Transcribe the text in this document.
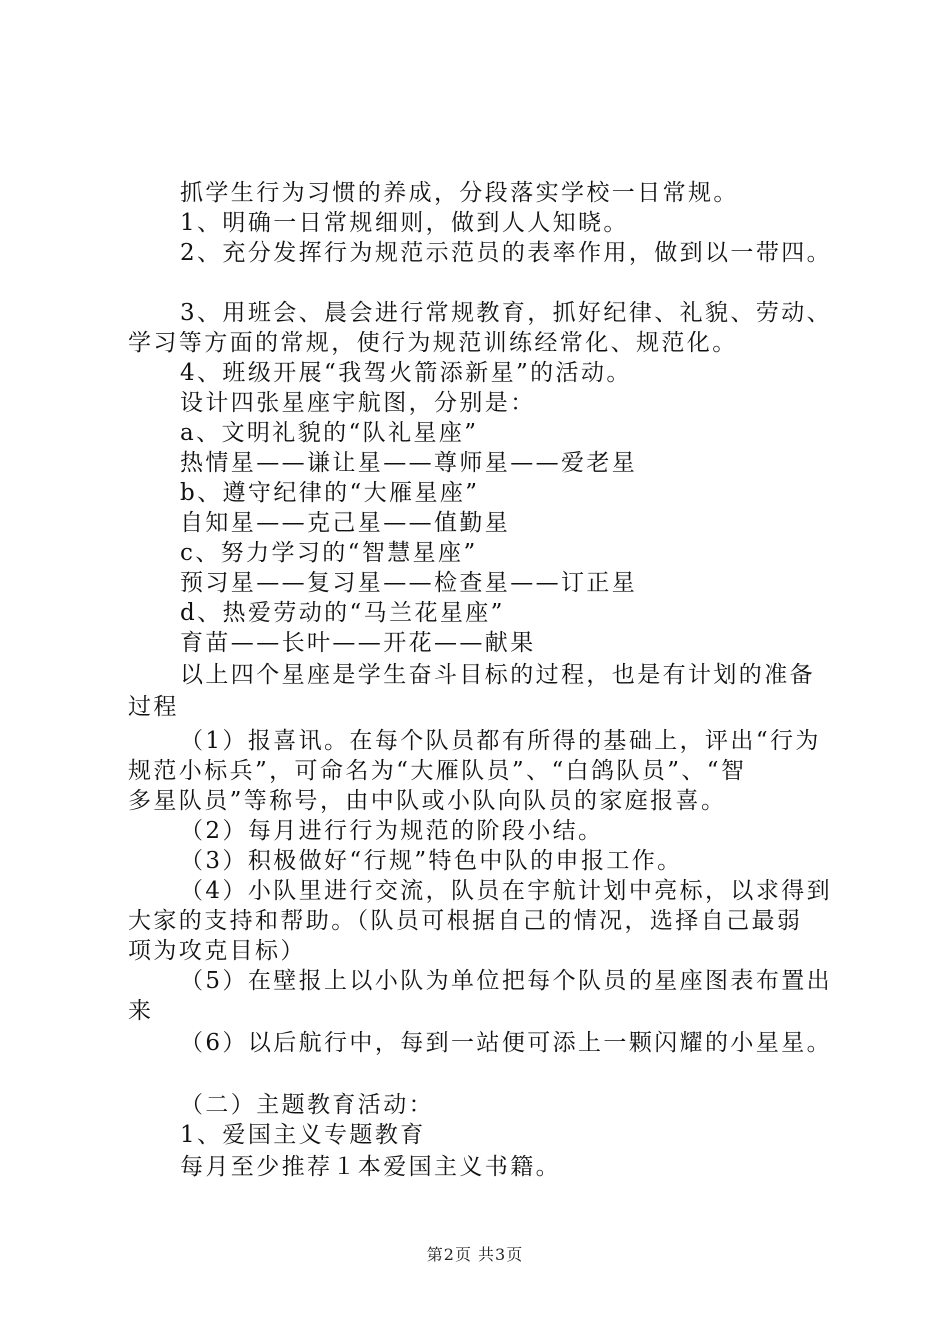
抓学生行为习惯的养成，分段落实学校一日常规。

1、明确一日常规细则，做到人人知晓。

2、充分发挥行为规范示范员的表率作用，做到以一带四。

3、用班会、晨会进行常规教育，抓好纪律、礼貌、劳动、

学习等方面的常规，使行为规范训练经常化、规范化。

4、班级开展“我驾火箭添新星”的活动。

设计四张星座宇航图，分别是：

a、文明礼貌的“队礼星座”

热情星——谦让星——尊师星——爱老星

b、遵守纪律的“大雁星座”

自知星——克己星——值勤星

c、努力学习的“智慧星座”

预习星——复习星——检查星——订正星

d、热爱劳动的“马兰花星座”

育苗——长叶——开花——献果

以上四个星座是学生奋斗目标的过程，也是有计划的准备

过程

（1）报喜讯。在每个队员都有所得的基础上，评出“行为

规范小标兵”，可命名为“大雁队员”、“白鸽队员”、“智

多星队员”等称号，由中队或小队向队员的家庭报喜。

（2）每月进行行为规范的阶段小结。

（3）积极做好“行规”特色中队的申报工作。

（4）小队里进行交流，队员在宇航计划中亮标，以求得到

大家的支持和帮助。（队员可根据自己的情况，选择自己最弱

项为攻克目标）

（5）在壁报上以小队为单位把每个队员的星座图表布置出

来

（6）以后航行中，每到一站便可添上一颗闪耀的小星星。

（二）主题教育活动：

1、爱国主义专题教育

每月至少推荐１本爱国主义书籍。

第2页 共3页
